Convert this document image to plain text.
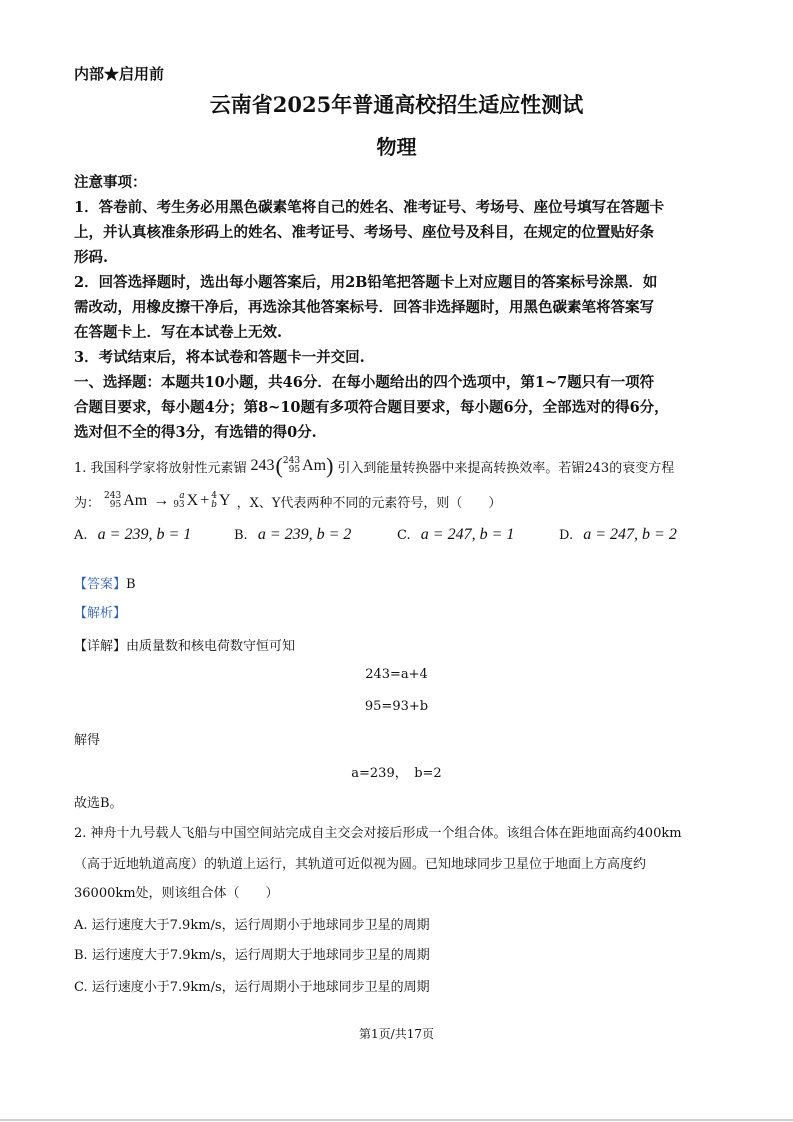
内部★启用前
云南省2025年普通高校招生适应性测试
物理
注意事项：
1．答卷前、考生务必用黑色碳素笔将自己的姓名、准考证号、考场号、座位号填写在答题卡
上，并认真核准条形码上的姓名、准考证号、考场号、座位号及科目，在规定的位置贴好条
形码.
2．回答选择题时，选出每小题答案后，用2B铅笔把答题卡上对应题目的答案标号涂黑．如
需改动，用橡皮擦干净后，再选涂其他答案标号．回答非选择题时，用黑色碳素笔将答案写
在答题卡上．写在本试卷上无效.
3．考试结束后，将本试卷和答题卡一并交回.
一、选择题：本题共10小题，共46分．在每小题给出的四个选项中，第1~7题只有一项符
合题目要求，每小题4分；第8~10题有多项符合题目要求，每小题6分，全部选对的得6分，
选对但不全的得3分，有选错的得0分.
1. 我国科学家将放射性元素镅 243 ( 243
95 Am ) 引入到能量转换器中来提高转换效率。若镅243的衰变方程
为： 243
95 Am →	a
93 X + 4
b Y ，X、Y代表两种不同的元素符号，则（　　）
A. a = 239, b = 1	B. a = 239, b = 2	C. a = 247, b = 1	D. a = 247, b = 2
【答案】B
【解析】
【详解】由质量数和核电荷数守恒可知
243=a+4
95=93+b
解得
a=239，　b=2
故选B。
2. 神舟十九号载人飞船与中国空间站完成自主交会对接后形成一个组合体。该组合体在距地面高约400km
（高于近地轨道高度）的轨道上运行，其轨道可近似视为圆。已知地球同步卫星位于地面上方高度约
36000km处，则该组合体（　　）
A. 运行速度大于7.9km/s，运行周期小于地球同步卫星的周期
B. 运行速度大于7.9km/s，运行周期大于地球同步卫星的周期
C. 运行速度小于7.9km/s，运行周期小于地球同步卫星的周期
第1页/共17页
